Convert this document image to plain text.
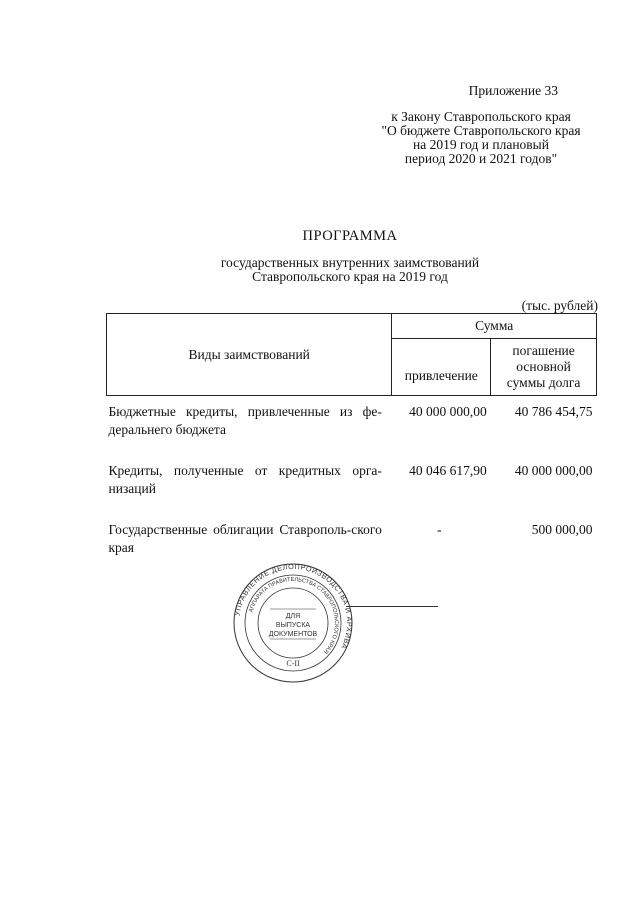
Приложение 33
к Закону Ставропольского края
"О бюджете Ставропольского края
на 2019 год и плановый
период 2020 и 2021 годов"
ПРОГРАММА
государственных внутренних заимствований
Ставропольского края на 2019 год
(тыс. рублей)
Виды заимствований	Сумма	

	привлечение	погашение
основной
суммы долга

Бюджетные кредиты, привлеченные из фе-деральнего бюджета	40 000 000,00	40 786 454,75
Кредиты, полученные от кредитных орга-низаций	40 046 617,90	40 000 000,00
Государственные облигации Ставрополь-ского края	-	500 000,00
УПРАВЛЕНИЕ ДЕЛОПРОИЗВОДСТВА И АРХИВА
АППАРАТА ПРАВИТЕЛЬСТВА СТАВРОПОЛЬСКОГО КРАЯ
ДЛЯ
ВЫПУСКА
ДОКУМЕНТОВ
С-II
